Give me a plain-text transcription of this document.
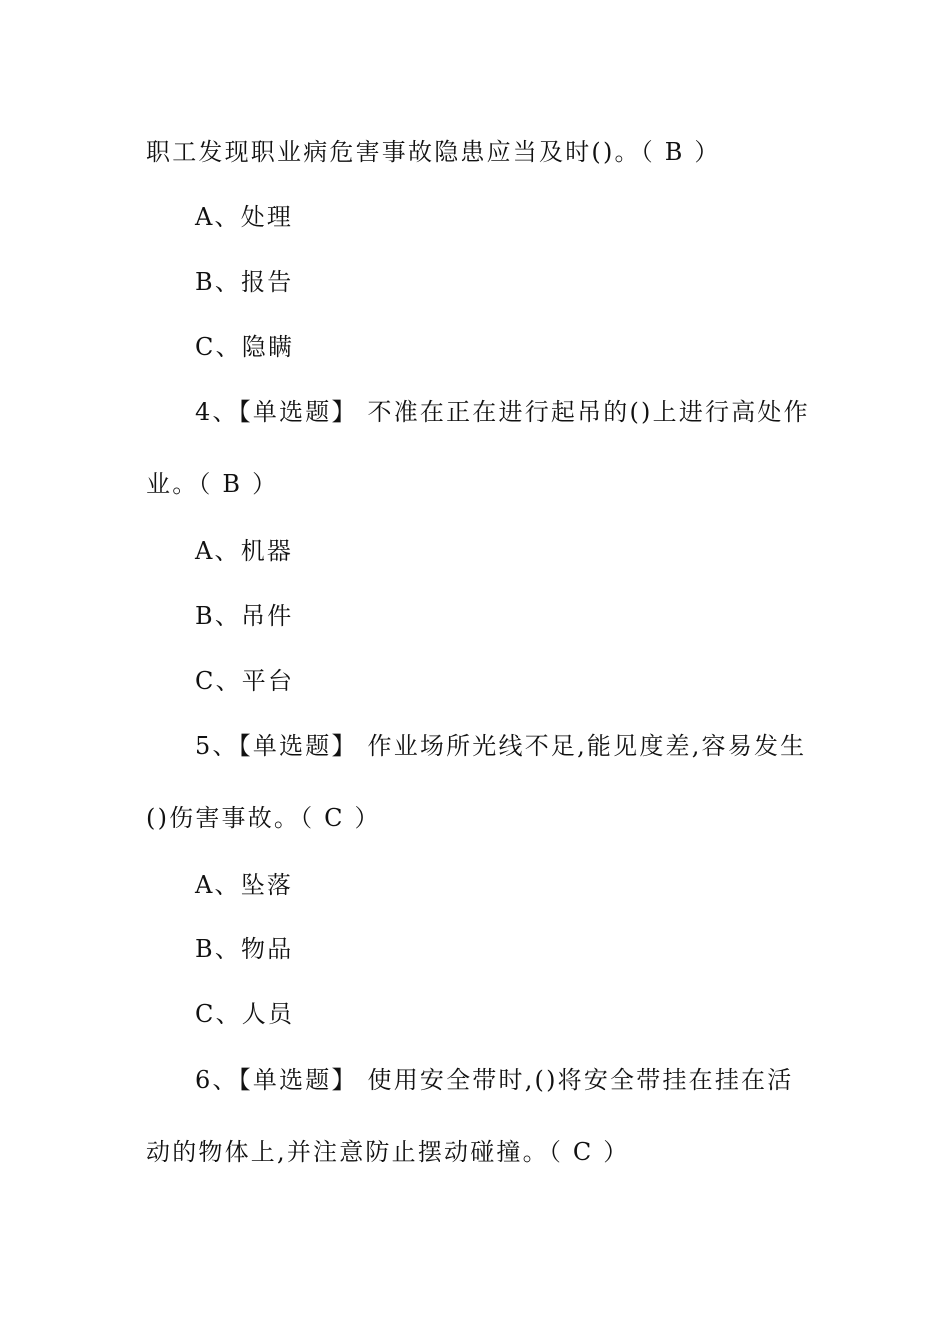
职工发现职业病危害事故隐患应当及时()。（ B ）
A、处理
B、报告
C、隐瞒
4、【单选题】 不准在正在进行起吊的()上进行高处作
业。（ B ）
A、机器
B、吊件
C、平台
5、【单选题】 作业场所光线不足,能见度差,容易发生
()伤害事故。（ C ）
A、坠落
B、物品
C、人员
6、【单选题】 使用安全带时,()将安全带挂在挂在活
动的物体上,并注意防止摆动碰撞。（ C ）
